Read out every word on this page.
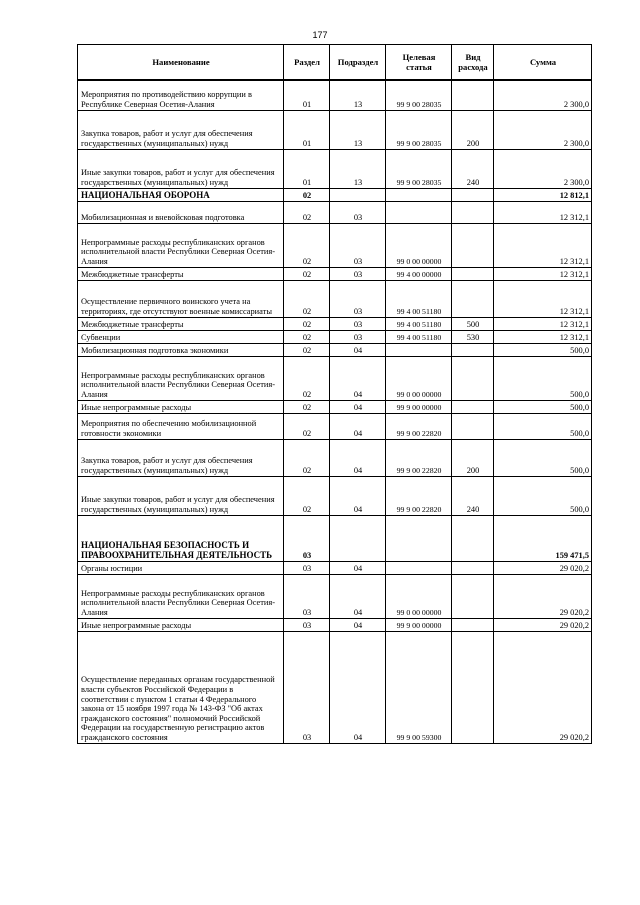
177
Наименование	Раздел	Подраздел	Целевая статья	Вид расхода	Сумма
Мероприятия по противодействию коррупции в Республике Северная Осетия-Алания	01	13	99 9 00 28035		2 300,0
Закупка товаров, работ и услуг для обеспечения государственных (муниципальных) нужд	01	13	99 9 00 28035	200	2 300,0
Иные закупки товаров, работ и услуг для обеспечения государственных (муниципальных) нужд	01	13	99 9 00 28035	240	2 300,0
НАЦИОНАЛЬНАЯ ОБОРОНА	02				12 812,1
Мобилизационная и вневойсковая подготовка	02	03			12 312,1
Непрограммные расходы республиканских органов исполнительной власти Республики Северная Осетия-Алания	02	03	99 0 00 00000		12 312,1
Межбюджетные трансферты	02	03	99 4 00 00000		12 312,1
Осуществление первичного воинского учета на территориях, где отсутствуют военные комиссариаты	02	03	99 4 00 51180		12 312,1
Межбюджетные трансферты	02	03	99 4 00 51180	500	12 312,1
Субвенции	02	03	99 4 00 51180	530	12 312,1
Мобилизационная подготовка экономики	02	04			500,0
Непрограммные расходы республиканских органов исполнительной власти Республики Северная Осетия-Алания	02	04	99 0 00 00000		500,0
Иные непрограммные расходы	02	04	99 9 00 00000		500,0
Мероприятия по обеспечению мобилизационной готовности экономики	02	04	99 9 00 22820		500,0
Закупка товаров, работ и услуг для обеспечения государственных (муниципальных) нужд	02	04	99 9 00 22820	200	500,0
Иные закупки товаров, работ и услуг для обеспечения государственных (муниципальных) нужд	02	04	99 9 00 22820	240	500,0
НАЦИОНАЛЬНАЯ БЕЗОПАСНОСТЬ И ПРАВООХРАНИТЕЛЬНАЯ ДЕЯТЕЛЬНОСТЬ	03				159 471,5
Органы юстиции	03	04			29 020,2
Непрограммные расходы республиканских органов исполнительной власти Республики Северная Осетия-Алания	03	04	99 0 00 00000		29 020,2
Иные непрограммные расходы	03	04	99 9 00 00000		29 020,2
Осуществление переданных органам государственной власти субъектов Российской Федерации в соответствии с пунктом 1 статьи 4 Федерального закона от 15 ноября 1997 года № 143-ФЗ "Об актах гражданского состояния" полномочий Российской Федерации на государственную регистрацию актов гражданского состояния	03	04	99 9 00 59300		29 020,2
